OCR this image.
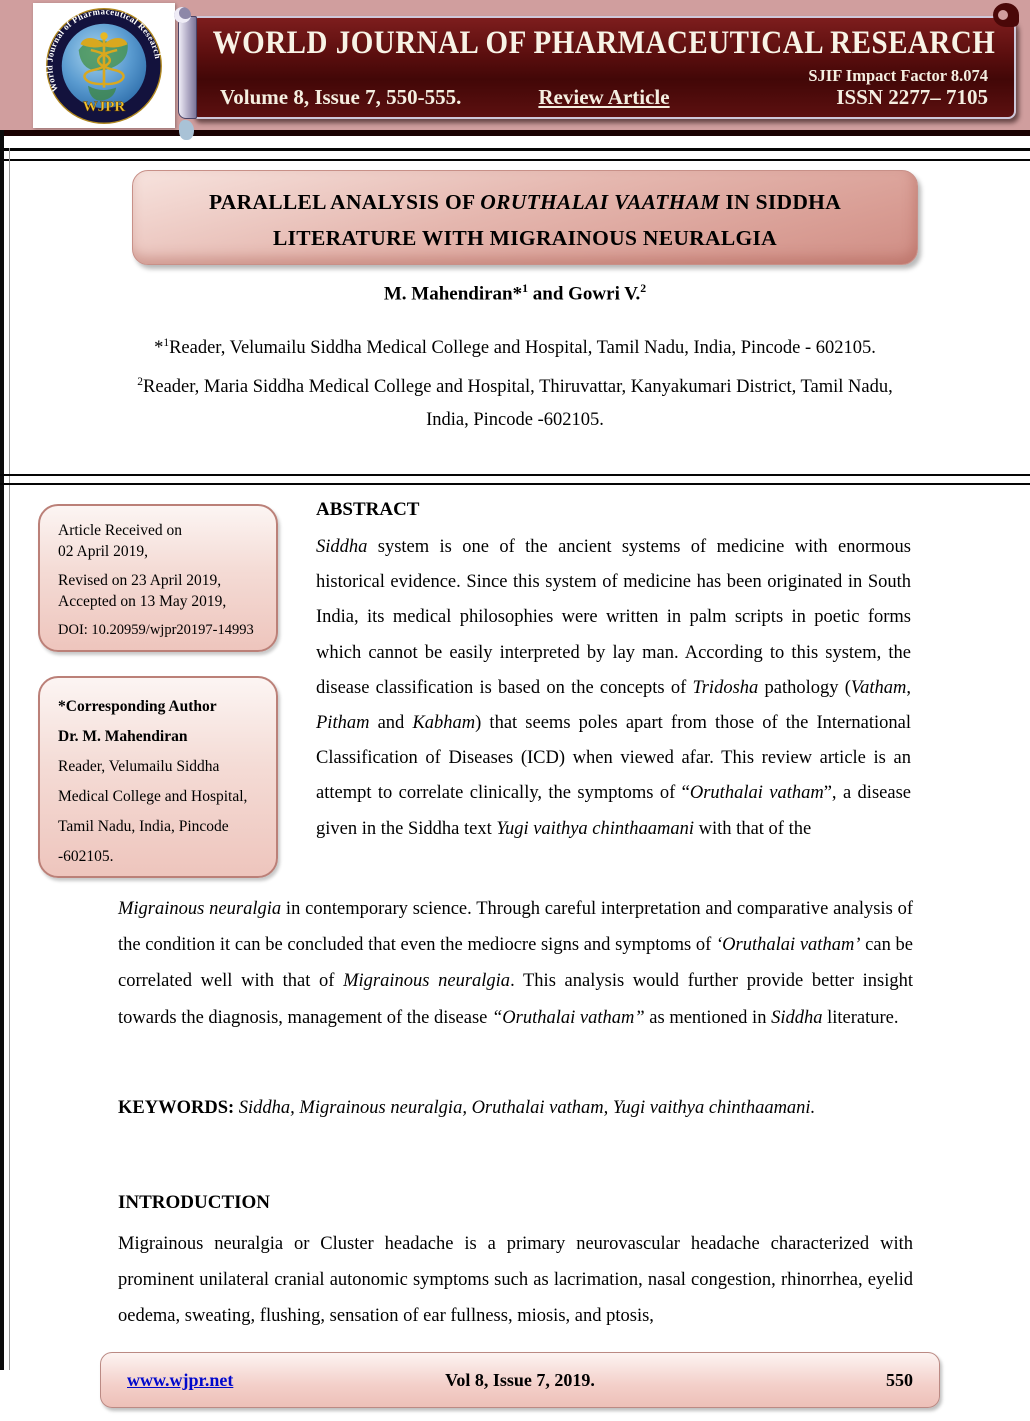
World Journal of Pharmaceutical Research
WJPR
WORLD JOURNAL OF PHARMACEUTICAL RESEARCH
SJIF Impact Factor 8.074
Volume 8, Issue 7, 550-555.	Review Article	ISSN 2277– 7105
PARALLEL ANALYSIS OF ORUTHALAI VAATHAM IN SIDDHA
LITERATURE WITH MIGRAINOUS NEURALGIA
M. Mahendiran*$^1$ and Gowri V.$^2$
*$^1$Reader, Velumailu Siddha Medical College and Hospital, Tamil Nadu, India, Pincode - 602105.
$^2$Reader, Maria Siddha Medical College and Hospital, Thiruvattar, Kanyakumari District, Tamil Nadu, India, Pincode -602105.
Article Received on
02 April 2019,
Revised on 23 April 2019,
Accepted on 13 May 2019,
DOI: 10.20959/wjpr20197-14993
*Corresponding Author
Dr. M. Mahendiran
Reader, Velumailu Siddha Medical College and Hospital, Tamil Nadu, India, Pincode -602105.
ABSTRACT
Siddha system is one of the ancient systems of medicine with enormous historical evidence. Since this system of medicine has been originated in South India, its medical philosophies were written in palm scripts in poetic forms which cannot be easily interpreted by lay man. According to this system, the disease classification is based on the concepts of Tridosha pathology (Vatham, Pitham and Kabham) that seems poles apart from those of the International Classification of Diseases (ICD) when viewed afar. This review article is an attempt to correlate clinically, the symptoms of “Oruthalai vatham”, a disease given in the Siddha text Yugi vaithya chinthaamani with that of the
Migrainous neuralgia in contemporary science. Through careful interpretation and comparative analysis of the condition it can be concluded that even the mediocre signs and symptoms of ‘Oruthalai vatham’ can be correlated well with that of Migrainous neuralgia. This analysis would further provide better insight towards the diagnosis, management of the disease “Oruthalai vatham” as mentioned in Siddha literature.
KEYWORDS: Siddha, Migrainous neuralgia, Oruthalai vatham, Yugi vaithya chinthaamani.
INTRODUCTION
Migrainous neuralgia or Cluster headache is a primary neurovascular headache characterized with prominent unilateral cranial autonomic symptoms such as lacrimation, nasal congestion, rhinorrhea, eyelid oedema, sweating, flushing, sensation of ear fullness, miosis, and ptosis,
www.wjpr.net	Vol 8, Issue 7, 2019.	550
